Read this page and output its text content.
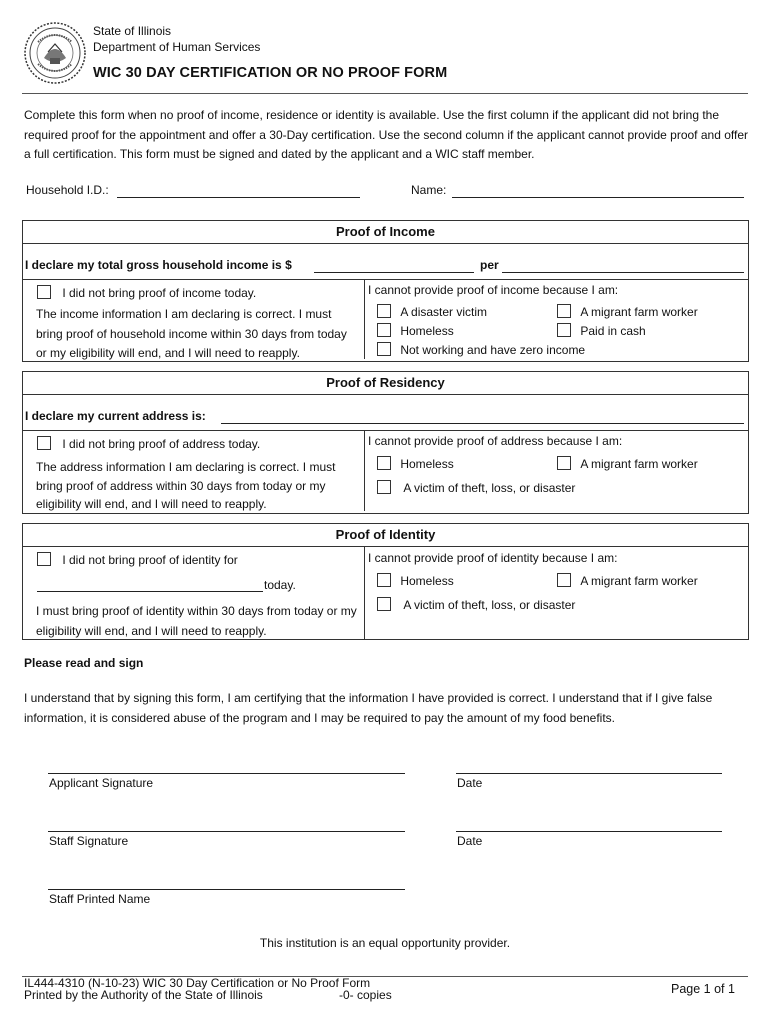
State of Illinois
Department of Human Services
WIC 30 DAY CERTIFICATION OR NO PROOF FORM
Complete this form when no proof of income, residence or identity is available. Use the first column if the applicant did not bring the required proof for the appointment and offer a 30-Day certification. Use the second column if the applicant cannot provide proof and offer a full certification. This form must be signed and dated by the applicant and a WIC staff member.
Household I.D.:	Name:
Proof of Income
I declare my total gross household income is $	per
I did not bring proof of income today.
The income information I am declaring is correct. I must bring proof of household income within 30 days from today or my eligibility will end, and I will need to reapply.
I cannot provide proof of income because I am:
A disaster victim	A migrant farm worker
Homeless	Paid in cash
Not working and have zero income
Proof of Residency
I declare my current address is:
I did not bring proof of address today.
The address information I am declaring is correct. I must bring proof of address within 30 days from today or my eligibility will end, and I will need to reapply.
I cannot provide proof of address because I am:
Homeless	A migrant farm worker
A victim of theft, loss, or disaster
Proof of Identity
I did not bring proof of identity for
today.
I must bring proof of identity within 30 days from today or my eligibility will end, and I will need to reapply.
I cannot provide proof of identity because I am:
Homeless	A migrant farm worker
A victim of theft, loss, or disaster
Please read and sign
I understand that by signing this form, I am certifying that the information I have provided is correct. I understand that if I give false information, it is considered abuse of the program and I may be required to pay the amount of my food benefits.
Applicant Signature	Date
Staff Signature	Date
Staff Printed Name
This institution is an equal opportunity provider.
IL444-4310 (N-10-23) WIC 30 Day Certification or No Proof Form
Printed by the Authority of the State of Illinois	-0- copies	Page 1 of 1
